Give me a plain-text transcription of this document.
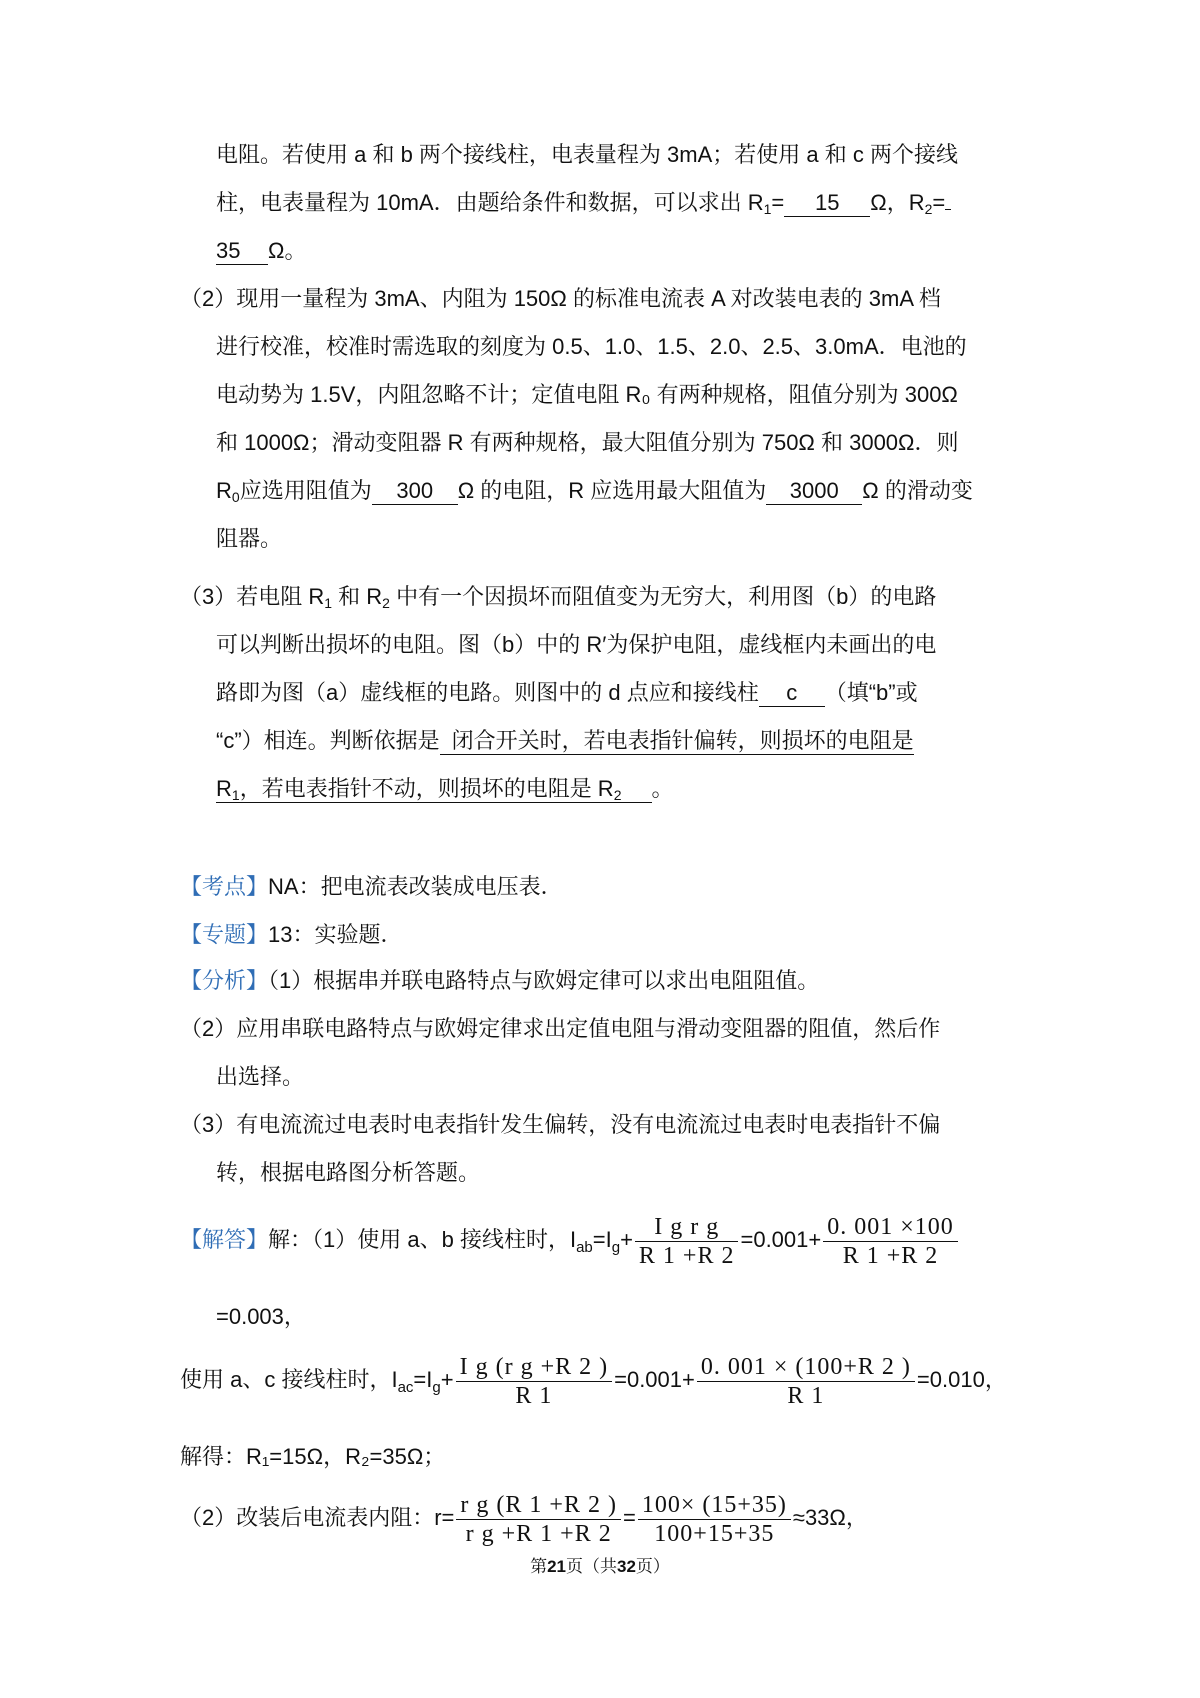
电阻。若使用 a 和 b 两个接线柱，电表量程为 3mA；若使用 a 和 c 两个接线
柱，电表量程为 10mA．由题给条件和数据，可以求出 $R_1= 15$ Ω，$R_2=$
35 Ω。
（2）现用一量程为 3mA、内阻为 150Ω 的标准电流表 A 对改装电表的 3mA 档
进行校准，校准时需选取的刻度为 0.5、1.0、1.5、2.0、2.5、3.0mA．电池的
电动势为 1.5V，内阻忽略不计；定值电阻 R₀ 有两种规格，阻值分别为 300Ω
和 1000Ω；滑动变阻器 R 有两种规格，最大阻值分别为 750Ω 和 3000Ω．则
$R_0$应选用阻值为 300 Ω 的电阻，R 应选用最大阻值为 3000 Ω 的滑动变
阻器。
（3）若电阻 $R_1$ 和 $R_2$ 中有一个因损坏而阻值变为无穷大，利用图（b）的电路
可以判断出损坏的电阻。图（b）中的 R′为保护电阻，虚线框内未画出的电
路即为图（a）虚线框的电路。则图中的 d 点应和接线柱 c （填“b”或
“c”）相连。判断依据是 闭合开关时，若电表指针偏转，则损坏的电阻是
$R_1$，若电表指针不动，则损坏的电阻是 $R_2$ 。
【考点】NA：把电流表改装成电压表．
【专题】13：实验题．
【分析】（1）根据串并联电路特点与欧姆定律可以求出电阻阻值。
（2）应用串联电路特点与欧姆定律求出定值电阻与滑动变阻器的阻值，然后作
出选择。
（3）有电流流过电表时电表指针发生偏转，没有电流流过电表时电表指针不偏
转，根据电路图分析答题。
【解答】解：（1）使用 a、b 接线柱时，$I_{ab}=I_g+ \frac{\text{I g r g}}{R 1 +R 2} =0.001+ \frac{0. 001 \times 100}{R 1 +R 2}$
=0.003，
使用 a、c 接线柱时，$I_{ac}=I_g+ \frac{\text{I g (r g +R 2 )}}{R 1} =0.001+ \frac{0. 001 \times (100+R 2 )}{R 1} =0.010$，
解得：R₁=15Ω，R₂=35Ω；
（2）改装后电流表内阻：$r= \frac{\text{r g (R 1 +R 2 )}}{\text{r g +R 1 +R 2}} = \frac{100\times (15+35)}{100+15+35} \approx 33\Omega$，
第21页（共32页）
